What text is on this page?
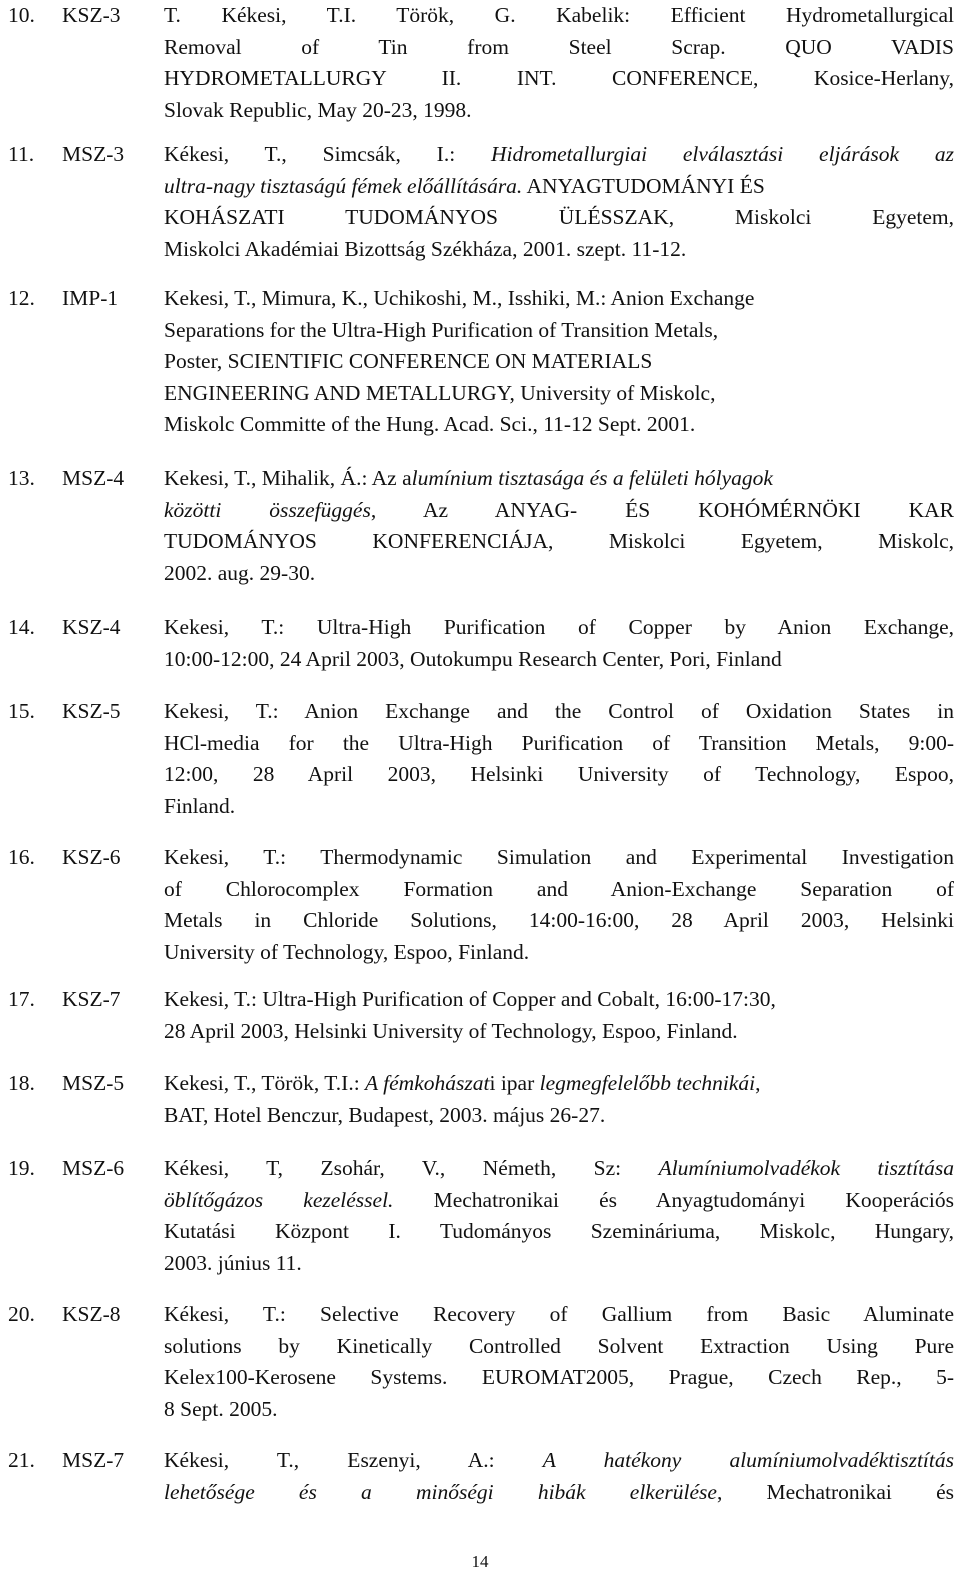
10.	KSZ-3	T. Kékesi, T.I. Török, G. Kabelik: Efficient Hydrometallurgical
Removal of Tin from Steel Scrap. QUO VADIS
HYDROMETALLURGY II. INT. CONFERENCE, Kosice-Herlany,
Slovak Republic, May 20-23, 1998.
11.	MSZ-3	Kékesi, T., Simcsák, I.: Hidrometallurgiai elválasztási eljárások az
ultra-nagy tisztaságú fémek előállítására. ANYAGTUDOMÁNYI ÉS
KOHÁSZATI TUDOMÁNYOS ÜLÉSSZAK, Miskolci Egyetem,
Miskolci Akadémiai Bizottság Székháza, 2001. szept. 11-12.
12.	IMP-1	Kekesi, T., Mimura, K., Uchikoshi, M., Isshiki, M.: Anion Exchange
Separations for the Ultra-High Purification of Transition Metals,
Poster, SCIENTIFIC CONFERENCE ON MATERIALS
ENGINEERING AND METALLURGY, University of Miskolc,
Miskolc Committe of the Hung. Acad. Sci., 11-12 Sept. 2001.
13.	MSZ-4	Kekesi, T., Mihalik, Á.: Az alumínium tisztasága és a felületi hólyagok
közötti összefüggés, Az ANYAG- ÉS KOHÓMÉRNÖKI KAR
TUDOMÁNYOS KONFERENCIÁJA, Miskolci Egyetem, Miskolc,
2002. aug. 29-30.
14.	KSZ-4	Kekesi, T.: Ultra-High Purification of Copper by Anion Exchange,
10:00-12:00, 24 April 2003, Outokumpu Research Center, Pori, Finland
15.	KSZ-5	Kekesi, T.: Anion Exchange and the Control of Oxidation States in
HCl-media for the Ultra-High Purification of Transition Metals, 9:00-
12:00, 28 April 2003, Helsinki University of Technology, Espoo,
Finland.
16.	KSZ-6	Kekesi, T.: Thermodynamic Simulation and Experimental Investigation
of Chlorocomplex Formation and Anion-Exchange Separation of
Metals in Chloride Solutions, 14:00-16:00, 28 April 2003, Helsinki
University of Technology, Espoo, Finland.
17.	KSZ-7	Kekesi, T.: Ultra-High Purification of Copper and Cobalt, 16:00-17:30,
28 April 2003, Helsinki University of Technology, Espoo, Finland.
18.	MSZ-5	Kekesi, T., Török, T.I.: A fémkohászati ipar legmegfelelőbb technikái,
BAT, Hotel Benczur, Budapest, 2003. május 26-27.
19.	MSZ-6	Kékesi, T, Zsohár, V., Németh, Sz: Alumíniumolvadékok tisztítása
öblítőgázos kezeléssel. Mechatronikai és Anyagtudományi Kooperációs
Kutatási Központ I. Tudományos Szemináriuma, Miskolc, Hungary,
2003. június 11.
20.	KSZ-8	Kékesi, T.: Selective Recovery of Gallium from Basic Aluminate
solutions by Kinetically Controlled Solvent Extraction Using Pure
Kelex100-Kerosene Systems. EUROMAT2005, Prague, Czech Rep., 5-
8 Sept. 2005.
21.	MSZ-7	Kékesi, T., Eszenyi, A.: A hatékony alumíniumolvadéktisztítás
lehetősége és a minőségi hibák elkerülése, Mechatronikai és
14
